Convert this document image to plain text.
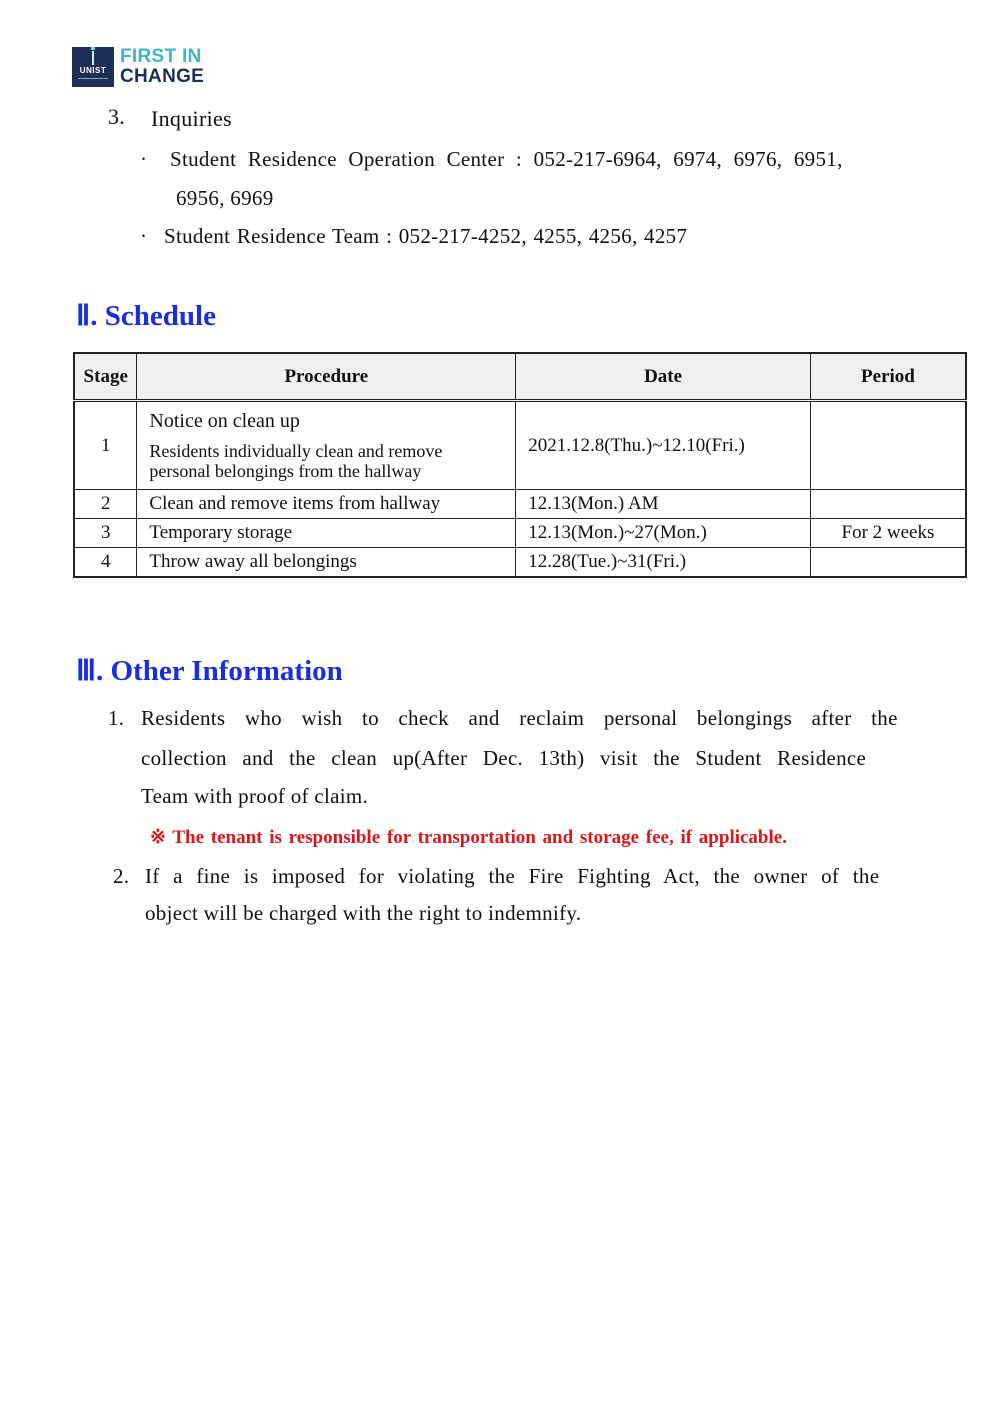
UNIST
FIRST IN
CHANGE
3. Inquiries
· Student Residence Operation Center : 052-217-6964, 6974, 6976, 6951,
6956, 6969
· Student Residence Team : 052-217-4252, 4255, 4256, 4257
Ⅱ. Schedule
Stage	Procedure	Date	Period
1	Notice on clean up
Residents individually clean and remove
personal belongings from the hallway	2021.12.8(Thu.)~12.10(Fri.)	
2	Clean and remove items from hallway	12.13(Mon.) AM	
3	Temporary storage	12.13(Mon.)~27(Mon.)	For 2 weeks
4	Throw away all belongings	12.28(Tue.)~31(Fri.)	
Ⅲ. Other Information
1. Residents who wish to check and reclaim personal belongings after the
collection and the clean up(After Dec. 13th) visit the Student Residence
Team with proof of claim.
※ The tenant is responsible for transportation and storage fee, if applicable.
2. If a fine is imposed for violating the Fire Fighting Act, the owner of the
object will be charged with the right to indemnify.
